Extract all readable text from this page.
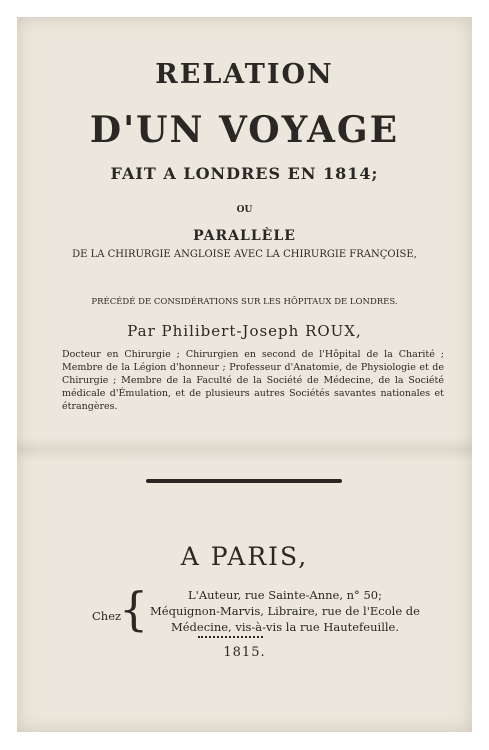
RELATION
D'UN VOYAGE
FAIT A LONDRES EN 1814;
OU
PARALLÈLE
DE LA CHIRURGIE ANGLOISE AVEC LA CHIRURGIE FRANÇOISE,
PRÉCÉDÉ DE CONSIDÉRATIONS SUR LES HÔPITAUX DE LONDRES.
Par Philibert-Joseph ROUX,
Docteur en Chirurgie ; Chirurgien en second de l'Hôpital de la Charité ; Membre de la Légion d'honneur ; Professeur d'Anatomie, de Physiologie et de Chirurgie ; Membre de la Faculté de la Société de Médecine, de la Société médicale d'Émulation, et de plusieurs autres Sociétés savantes nationales et étrangères.
A PARIS,
Chez
{	L'Auteur, rue Sainte-Anne, n° 50;
Méquignon-Marvis, Libraire, rue de l'Ecole de
Médecine, vis-à-vis la rue Hautefeuille.
1815.
